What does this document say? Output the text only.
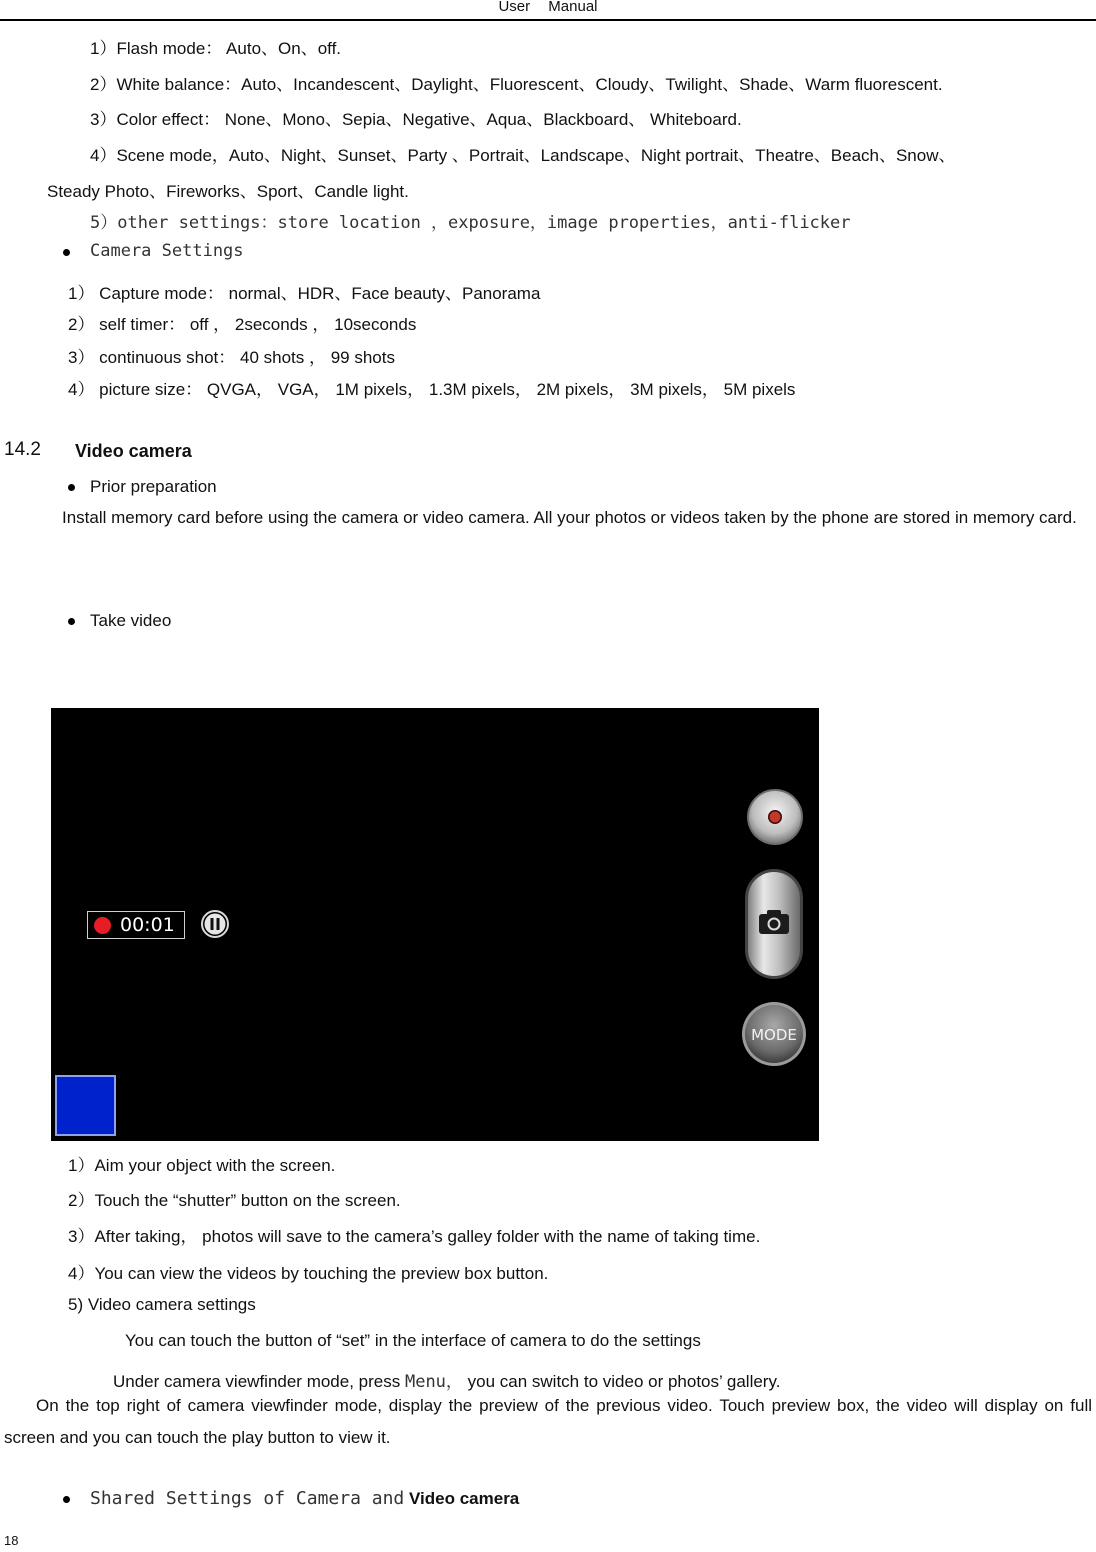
User Manual
1）Flash mode： Auto、On、off.
2）White balance：Auto、Incandescent、Daylight、Fluorescent、Cloudy、Twilight、Shade、Warm fluorescent.
3）Color effect： None、Mono、Sepia、Negative、Aqua、Blackboard、 Whiteboard.
4）Scene mode，Auto、Night、Sunset、Party 、Portrait、Landscape、Night portrait、Theatre、Beach、Snow、
Steady Photo、Fireworks、Sport、Candle light.
5）other settings：store location ，exposure，image properties，anti-flicker
Camera Settings
1） Capture mode： normal、HDR、Face beauty、Panorama
2） self timer： off ， 2seconds ， 10seconds
3） continuous shot： 40 shots ， 99 shots
4） picture size： QVGA， VGA， 1M pixels， 1.3M pixels， 2M pixels， 3M pixels， 5M pixels
14.2 Video camera
Prior preparation
Install memory card before using the camera or video camera. All your photos or videos taken by the phone are stored in memory card.
Take video
00:01
MODE
1）Aim your object with the screen.
2）Touch the “shutter” button on the screen.
3）After taking， photos will save to the camera’s galley folder with the name of taking time.
4）You can view the videos by touching the preview box button.
5) Video camera settings
You can touch the button of “set” in the interface of camera to do the settings
Under camera viewfinder mode, press Menu， you can switch to video or photos’ gallery.
On the top right of camera viewfinder mode, display the preview of the previous video. Touch preview box, the video will display on full screen and you can touch the play button to view it.
Shared Settings of Camera and Video camera
18
